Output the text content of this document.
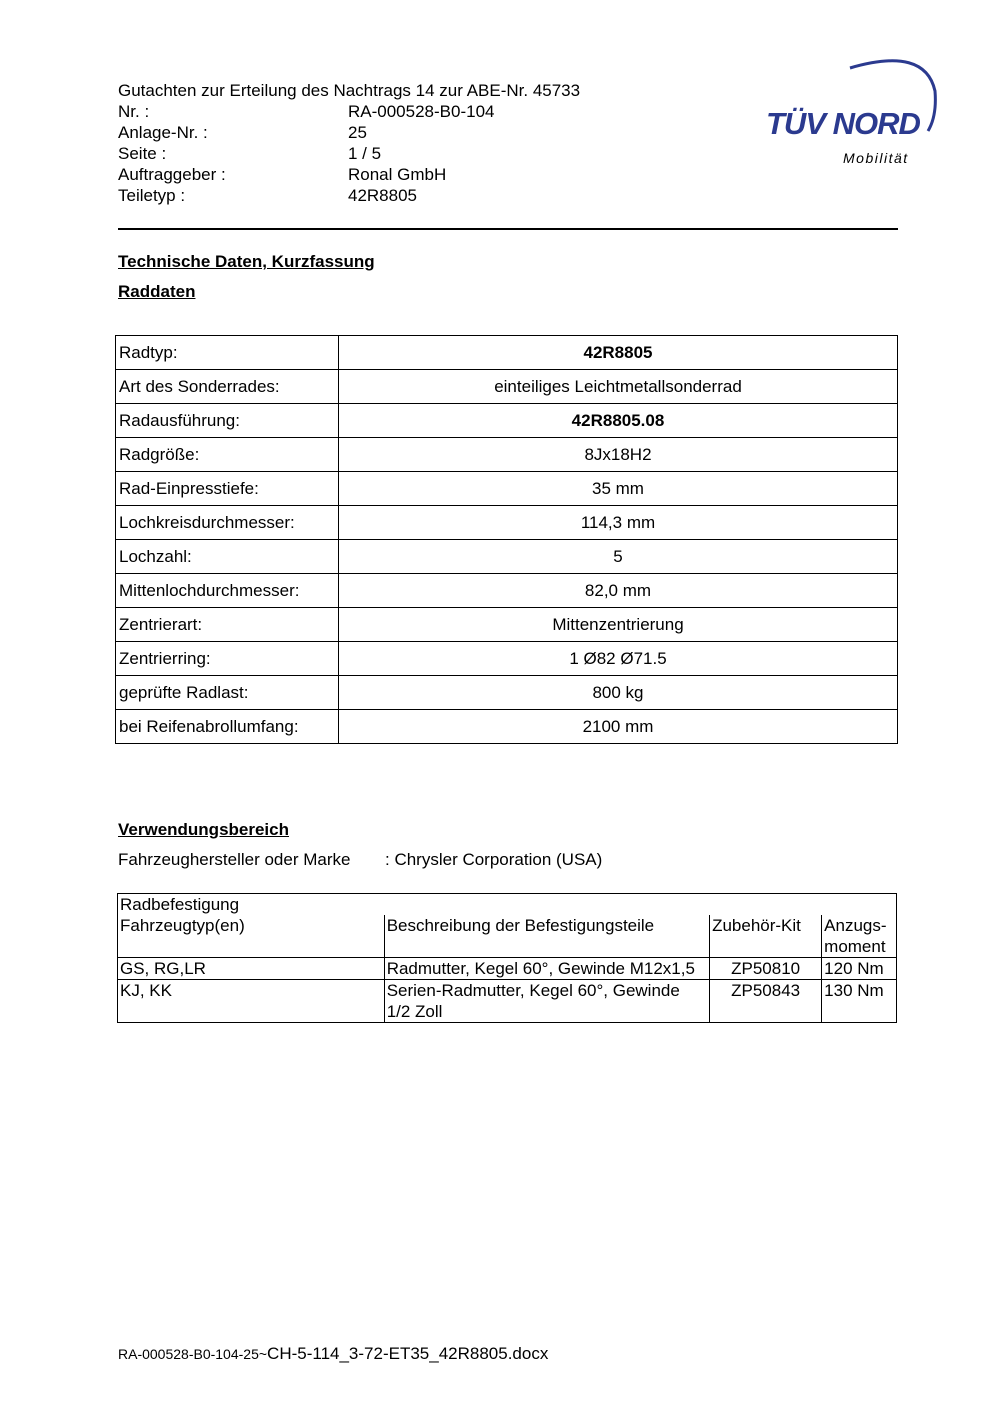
Gutachten zur Erteilung des Nachtrags 14 zur ABE-Nr. 45733
Nr. :	RA-000528-B0-104
Anlage-Nr. :	25
Seite :	1 / 5
Auftraggeber :	Ronal GmbH
Teiletyp :	42R8805
TÜV NORD
Mobilität
Technische Daten, Kurzfassung
Raddaten
Radtyp:	42R8805
Art des Sonderrades:	einteiliges Leichtmetallsonderrad
Radausführung:	42R8805.08
Radgröße:	8Jx18H2
Rad-Einpresstiefe:	35 mm
Lochkreisdurchmesser:	114,3 mm
Lochzahl:	5
Mittenlochdurchmesser:	82,0 mm
Zentrierart:	Mittenzentrierung
Zentrierring:	1 Ø82 Ø71.5
geprüfte Radlast:	800 kg
bei Reifenabrollumfang:	2100 mm
Verwendungsbereich
Fahrzeughersteller oder Marke : Chrysler Corporation (USA)
Radbefestigung			
Fahrzeugtyp(en)	Beschreibung der Befestigungsteile	Zubehör-Kit	Anzugs-
moment
GS, RG,LR	Radmutter, Kegel 60°, Gewinde M12x1,5	ZP50810	120 Nm
KJ, KK	Serien-Radmutter, Kegel 60°, Gewinde 1/2 Zoll	ZP50843	130 Nm
RA-000528-B0-104-25~CH-5-114_3-72-ET35_42R8805.docx
